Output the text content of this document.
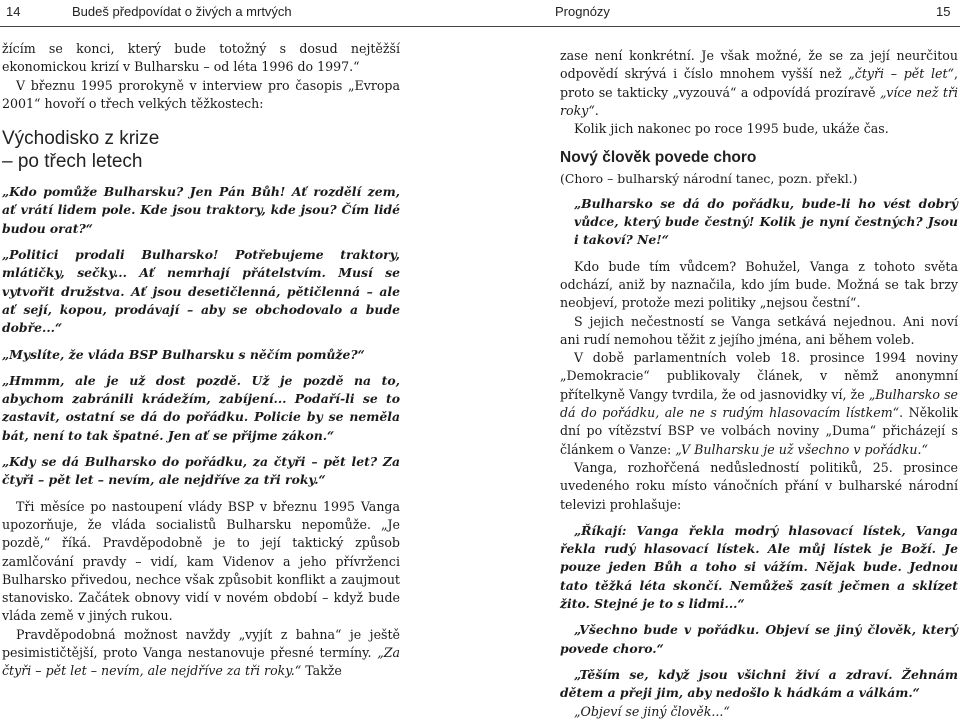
14	Budeš předpovídat o živých a mrtvých	Prognózy	15

žícím se konci, který bude totožný s dosud nejtěžší ekonomickou krizí v Bulharsku – od léta 1996 do 1997.“

V březnu 1995 prorokyně v interview pro časopis „Evropa 2001“ hovoří o třech velkých těžkostech:

Východisko z krize
– po třech letech

„Kdo pomůže Bulharsku? Jen Pán Bůh! Ať rozdělí zem, ať vrátí lidem pole. Kde jsou traktory, kde jsou? Čím lidé budou orat?“

„Politici prodali Bulharsko! Potřebujeme traktory, mlátičky, sečky... Ať nemrhají přátelstvím. Musí se vytvořit družstva. Ať jsou desetičlenná, pětičlenná – ale ať sejí, kopou, prodávají – aby se obchodovalo a bude dobře...“

„Myslíte, že vláda BSP Bulharsku s něčím pomůže?“

„Hmmm, ale je už dost pozdě. Už je pozdě na to, abychom zabránili krádežím, zabíjení... Podaří-li se to zastavit, ostatní se dá do pořádku. Policie by se neměla bát, není to tak špatné. Jen ať se přijme zákon.“

„Kdy se dá Bulharsko do pořádku, za čtyři – pět let? Za čtyři – pět let – nevím, ale nejdříve za tři roky.“

Tři měsíce po nastoupení vlády BSP v březnu 1995 Vanga upozorňuje, že vláda socialistů Bulharsku nepomůže. „Je pozdě,“ říká. Pravděpodobně je to její taktický způsob zamlčování pravdy – vidí, kam Videnov a jeho přívrženci Bulharsko přivedou, nechce však způsobit konflikt a zaujmout stanovisko. Začátek obnovy vidí v novém období – když bude vláda země v jiných rukou.

Pravděpodobná možnost navždy „vyjít z bahna“ je ještě pesimističtější, proto Vanga nestanovuje přesné termíny. „Za čtyři – pět let – nevím, ale nejdříve za tři roky.“ Takže

zase není konkrétní. Je však možné, že se za její neurčitou odpovědí skrývá i číslo mnohem vyšší než „čtyři – pět let“, proto se takticky „vyzouvá“ a odpovídá prozíravě „více než tři roky“.

Kolik jich nakonec po roce 1995 bude, ukáže čas.

Nový člověk povede choro

(Choro – bulharský národní tanec, pozn. překl.)

„Bulharsko se dá do pořádku, bude-li ho vést dobrý vůdce, který bude čestný! Kolik je nyní čestných? Jsou i takoví? Ne!“

Kdo bude tím vůdcem? Bohužel, Vanga z tohoto světa odchází, aniž by naznačila, kdo jím bude. Možná se tak brzy neobjeví, protože mezi politiky „nejsou čestní“.

S jejich nečestností se Vanga setkává nejednou. Ani noví ani rudí nemohou těžit z jejího jména, ani během voleb.

V době parlamentních voleb 18. prosince 1994 noviny „Demokracie“ publikovaly článek, v němž anonymní přítelkyně Vangy tvrdila, že od jasnovidky ví, že „Bulharsko se dá do pořádku, ale ne s rudým hlasovacím lístkem“. Několik dní po vítězství BSP ve volbách noviny „Duma“ přicházejí s článkem o Vanze: „V Bulharsku je už všechno v pořádku.“

Vanga, rozhořčená nedůsledností politiků, 25. prosince uvedeného roku místo vánočních přání v bulharské národní televizi prohlašuje:

„Říkají: Vanga řekla modrý hlasovací lístek, Vanga řekla rudý hlasovací lístek. Ale můj lístek je Boží. Je pouze jeden Bůh a toho si vážím. Nějak bude. Jednou tato těžká léta skončí. Nemůžeš zasít ječmen a sklízet žito. Stejné je to s lidmi...“

„Všechno bude v pořádku. Objeví se jiný člověk, který povede choro.“

„Těším se, když jsou všichni živí a zdraví. Žehnám dětem a přeji jim, aby nedošlo k hádkám a válkám.“

„Objeví se jiný člověk...“
